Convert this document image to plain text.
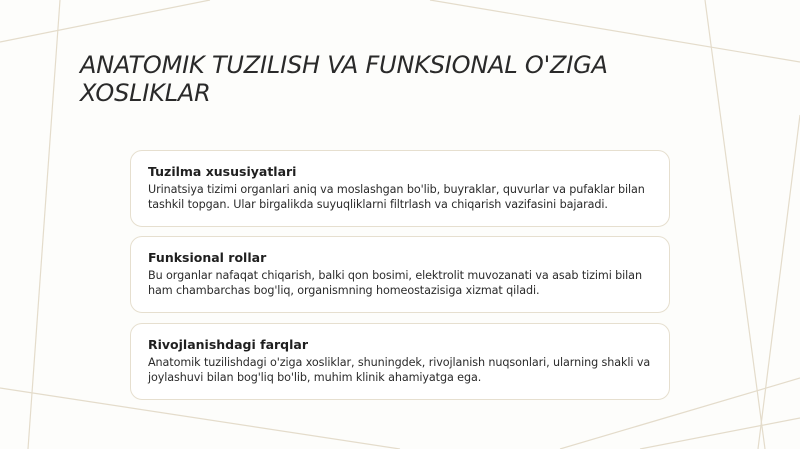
ANATOMIK TUZILISH VA FUNKSIONAL O'ZIGA XOSLIKLAR
Tuzilma xususiyatlari
Urinatsiya tizimi organlari aniq va moslashgan bo'lib, buyraklar, quvurlar va pufaklar bilan tashkil topgan. Ular birgalikda suyuqliklarni filtrlash va chiqarish vazifasini bajaradi.
Funksional rollar
Bu organlar nafaqat chiqarish, balki qon bosimi, elektrolit muvozanati va asab tizimi bilan ham chambarchas bog'liq, organismning homeostazisiga xizmat qiladi.
Rivojlanishdagi farqlar
Anatomik tuzilishdagi o'ziga xosliklar, shuningdek, rivojlanish nuqsonlari, ularning shakli va joylashuvi bilan bog'liq bo'lib, muhim klinik ahamiyatga ega.
